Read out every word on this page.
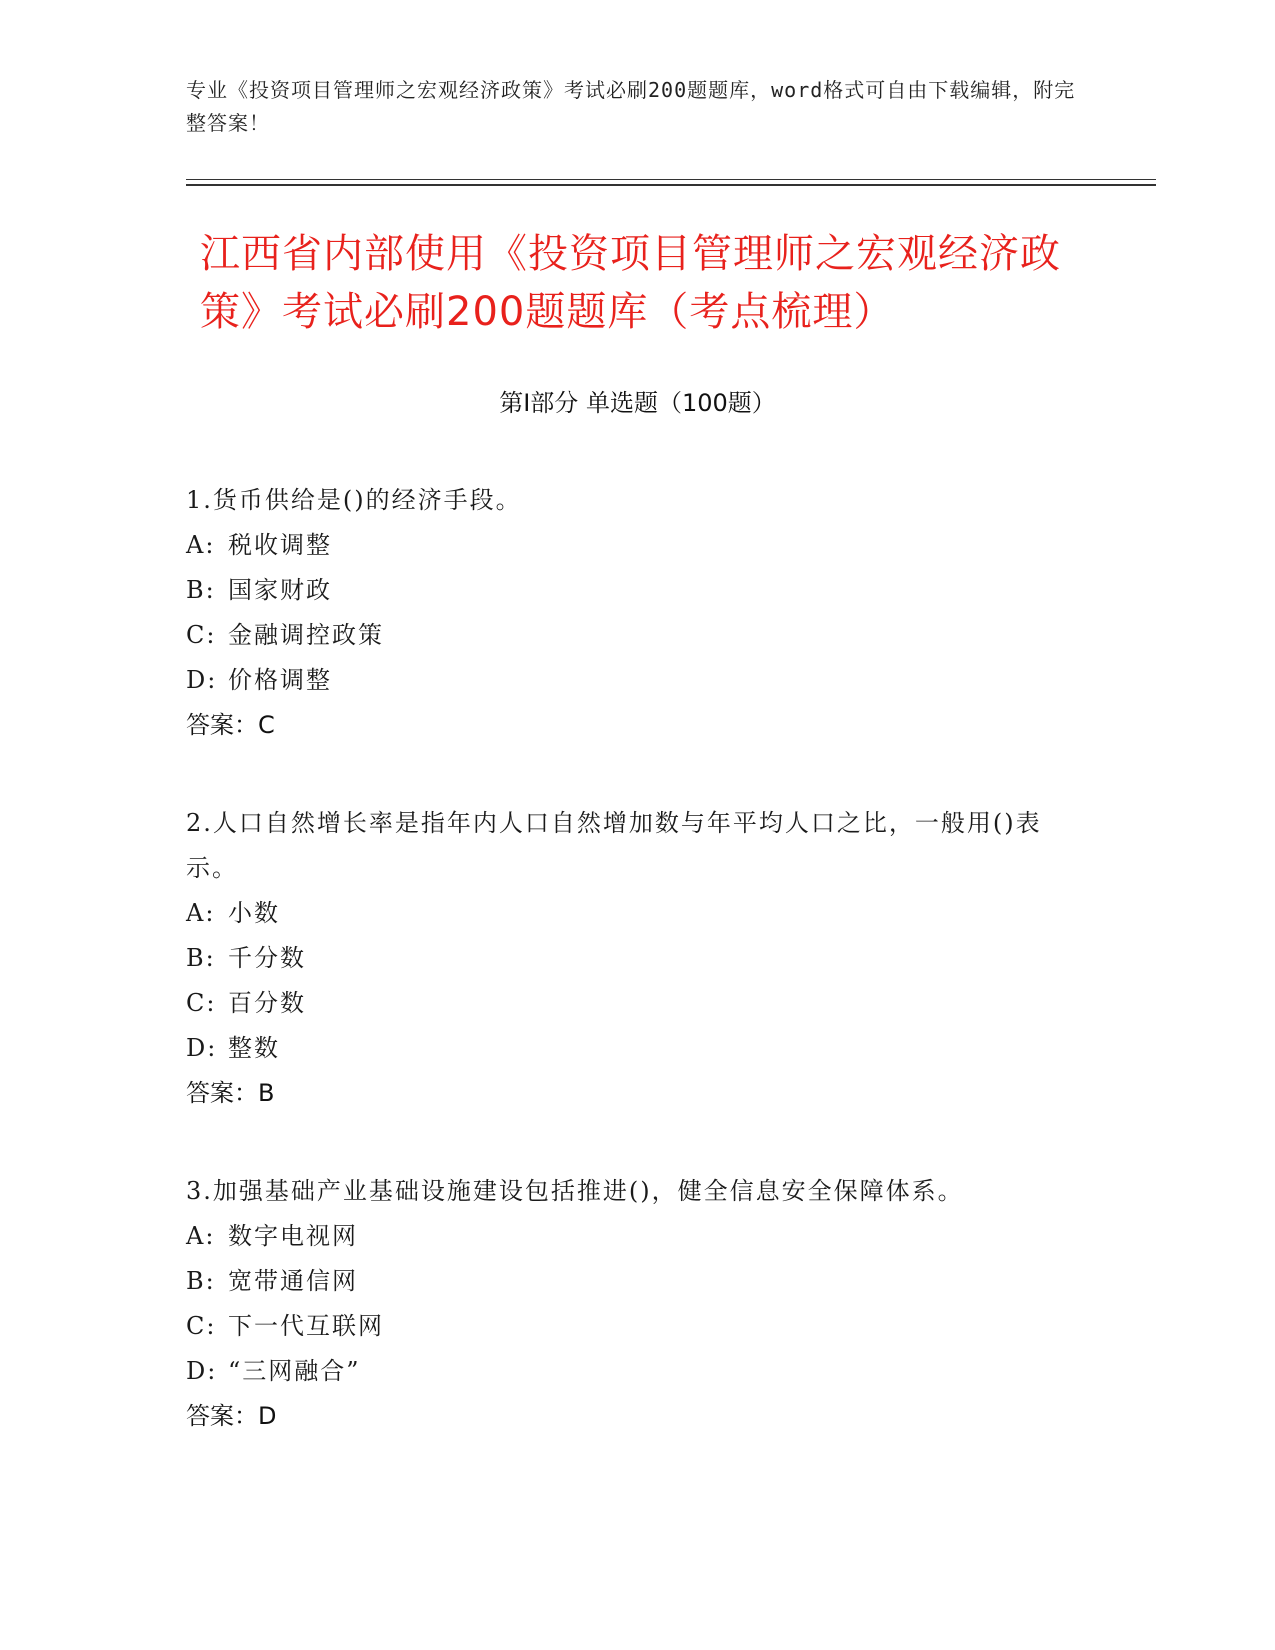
专业《投资项目管理师之宏观经济政策》考试必刷200题题库，word格式可自由下载编辑，附完整答案！
江西省内部使用《投资项目管理师之宏观经济政策》考试必刷200题题库（考点梳理）
第Ⅰ部分 单选题（100题）
1.货币供给是()的经济手段。
A: 税收调整
B: 国家财政
C: 金融调控政策
D: 价格调整
答案：C
2.人口自然增长率是指年内人口自然增加数与年平均人口之比，一般用()表示。
A: 小数
B: 千分数
C: 百分数
D: 整数
答案：B
3.加强基础产业基础设施建设包括推进()，健全信息安全保障体系。
A: 数字电视网
B: 宽带通信网
C: 下一代互联网
D: “三网融合”
答案：D
